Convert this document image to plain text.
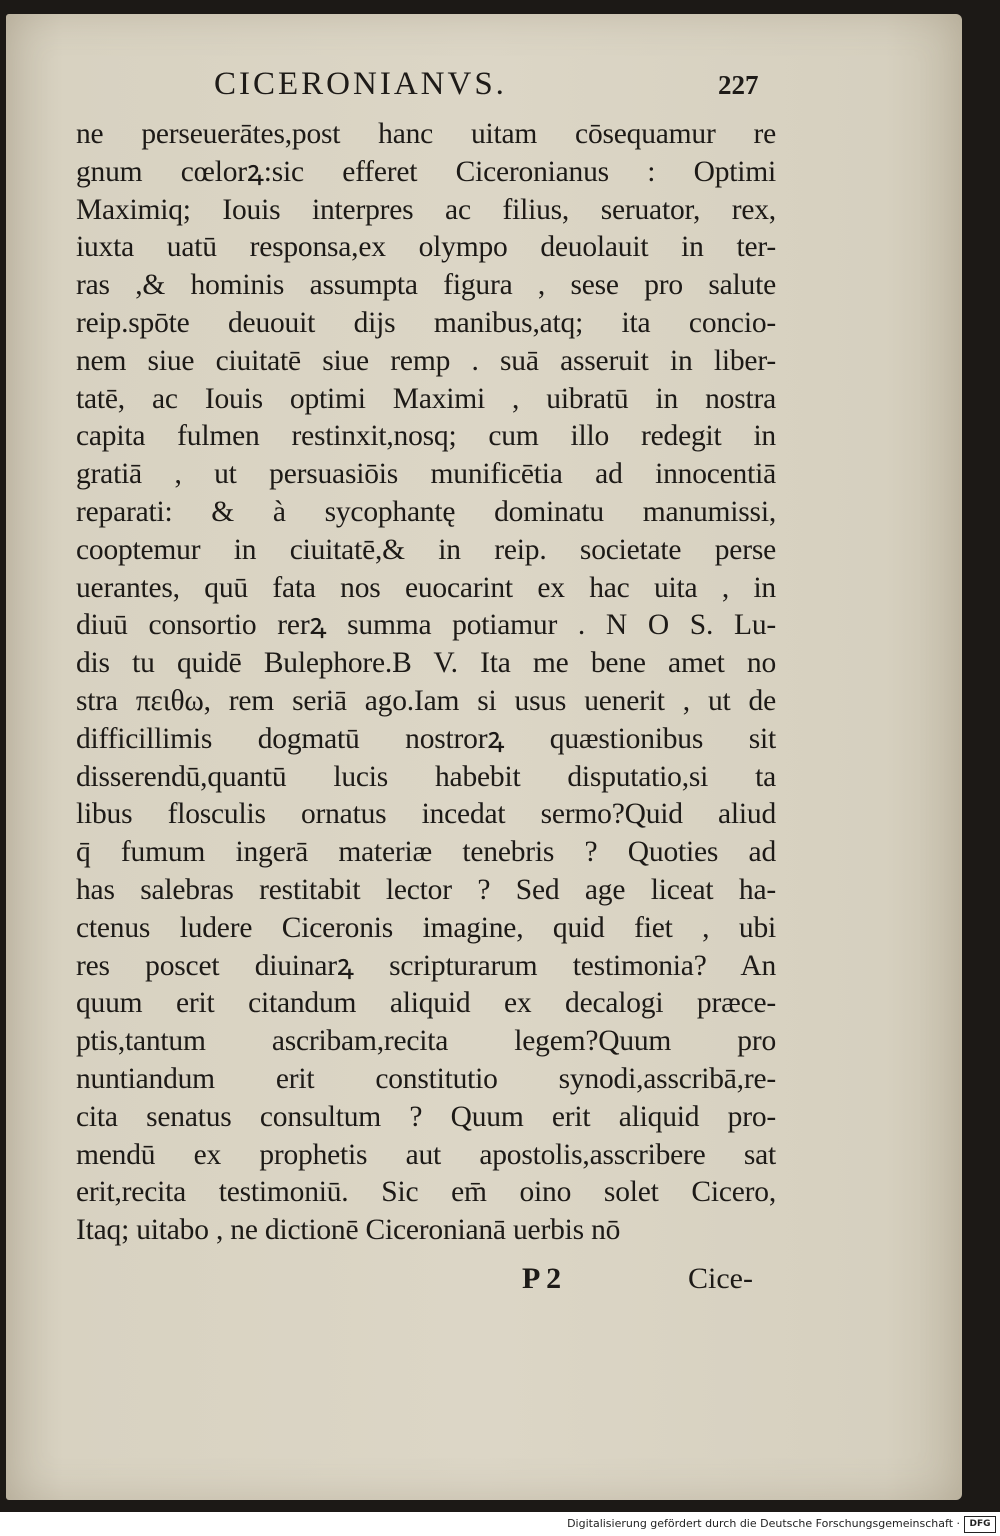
CICERONIANVS.	227
ne perseuerātes,post hanc uitam cōsequamur re
gnum cœlorꝝ:sic efferet Ciceronianus : Optimi
Maximiq; Iouis interpres ac filius, seruator, rex,
iuxta uatū responsa,ex olympo deuolauit in ter-
ras ,& hominis assumpta figura , sese pro salute
reip.spōte deuouit dijs manibus,atq; ita concio-
nem siue ciuitatē siue remp . suā asseruit in liber-
tatē, ac Iouis optimi Maximi , uibratū in nostra
capita fulmen restinxit,nosq; cum illo redegit in
gratiā , ut persuasiōis munificētia ad innocentiā
reparati: & à sycophantę dominatu manumissi,
cooptemur in ciuitatē,& in reip. societate perse
uerantes, quū fata nos euocarint ex hac uita , in
diuū consortio rerꝝ summa potiamur . N O S. Lu-
dis tu quidē Bulephore.B V. Ita me bene amet no
stra πειθω, rem seriā ago.Iam si usus uenerit , ut de
difficillimis dogmatū nostrorꝝ quæstionibus sit
disserendū,quantū lucis habebit disputatio,si ta
libus flosculis ornatus incedat sermo?Quid aliud
q̄ fumum ingerā materiæ tenebris ? Quoties ad
has salebras restitabit lector ? Sed age liceat ha-
ctenus ludere Ciceronis imagine, quid fiet , ubi
res poscet diuinarꝝ scripturarum testimonia? An
quum erit citandum aliquid ex decalogi præce-
ptis,tantum ascribam,recita legem?Quum pro
nuntiandum erit constitutio synodi,asscribā,re-
cita senatus consultum ? Quum erit aliquid pro-
mendū ex prophetis aut apostolis,asscribere sat
erit,recita testimoniū. Sic em̄ oino solet Cicero,
Itaq; uitabo , ne dictionē Ciceronianā uerbis nō
P 2	Cice-
Digitalisierung gefördert durch die Deutsche Forschungsgemeinschaft ·	DFG
